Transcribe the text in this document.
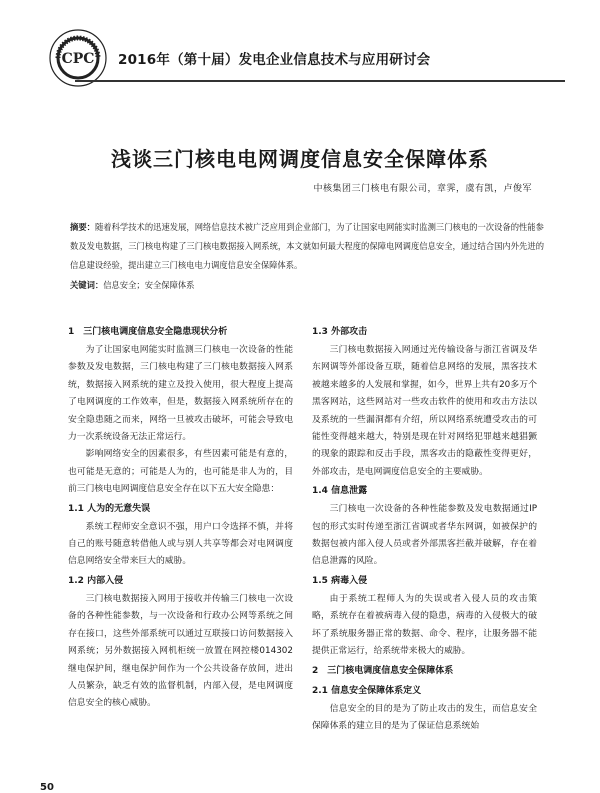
CPC 2016年（第十届）发电企业信息技术与应用研讨会
浅谈三门核电电网调度信息安全保障体系
中核集团三门核电有限公司，章霁，虞有凯，卢俊军

摘要：随着科学技术的迅速发展，网络信息技术被广泛应用到企业部门，为了让国家电网能实时监测三门核电的一次设备的性能参数及发电数据，三门核电构建了三门核电数据接入网系统，本文就如何最大程度的保障电网调度信息安全，通过结合国内外先进的信息建设经验，提出建立三门核电电力调度信息安全保障体系。

关键词：信息安全；安全保障体系

1　三门核电调度信息安全隐患现状分析

为了让国家电网能实时监测三门核电一次设备的性能参数及发电数据，三门核电构建了三门核电数据接入网系统，数据接入网系统的建立及投入使用，很大程度上提高了电网调度的工作效率，但是，数据接入网系统所存在的安全隐患随之而来，网络一旦被攻击破坏，可能会导致电力一次系统设备无法正常运行。

影响网络安全的因素很多，有些因素可能是有意的，也可能是无意的；可能是人为的，也可能是非人为的，目前三门核电电网调度信息安全存在以下五大安全隐患：

1.1 人为的无意失误

系统工程师安全意识不强，用户口令选择不慎，并将自己的账号随意转借他人或与别人共享等都会对电网调度信息网络安全带来巨大的威胁。

1.2 内部入侵

三门核电数据接入网用于接收并传输三门核电一次设备的各种性能参数，与一次设备和行政办公网等系统之间存在接口，这些外部系统可以通过互联接口访问数据接入网系统；另外数据接入网机柜统一放置在网控楼014302继电保护间，继电保护间作为一个公共设备存放间，进出人员繁杂，缺乏有效的监督机制，内部入侵，是电网调度信息安全的核心威胁。

1.3 外部攻击

三门核电数据接入网通过光传输设备与浙江省调及华东网调等外部设备互联，随着信息网络的发展，黑客技术被越来越多的人发展和掌握，如今，世界上共有20多万个黑客网站，这些网站对一些攻击软件的使用和攻击方法以及系统的一些漏洞都有介绍，所以网络系统遭受攻击的可能性变得越来越大，特别是现在针对网络犯罪越来越猖獗的现象的跟踪和反击手段，黑客攻击的隐蔽性变得更好，外部攻击，是电网调度信息安全的主要威胁。

1.4 信息泄露

三门核电一次设备的各种性能参数及发电数据通过IP包的形式实时传递至浙江省调或者华东网调，如被保护的数据包被内部入侵人员或者外部黑客拦截并破解，存在着信息泄露的风险。

1.5 病毒入侵

由于系统工程师人为的失误或者入侵人员的攻击策略，系统存在着被病毒入侵的隐患，病毒的入侵极大的破坏了系统服务器正常的数据、命令、程序，让服务器不能提供正常运行，给系统带来极大的威胁。

2　三门核电调度信息安全保障体系
2.1 信息安全保障体系定义

信息安全的目的是为了防止攻击的发生，而信息安全保障体系的建立目的是为了保证信息系统始

50
